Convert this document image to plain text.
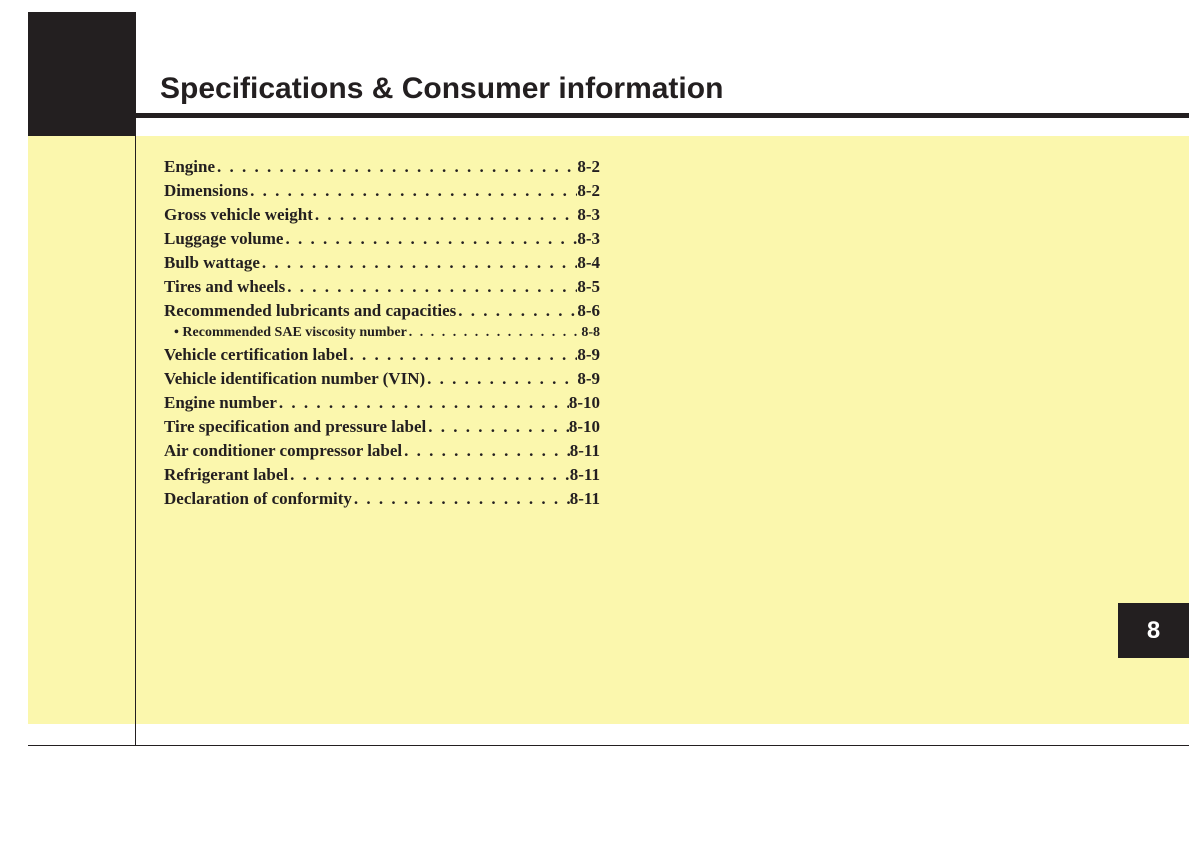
Specifications & Consumer information
Engine . . .	8-2
Dimensions . . .	8-2
Gross vehicle weight . . .	8-3
Luggage volume . . .	8-3
Bulb wattage . . .	8-4
Tires and wheels . . .	8-5
Recommended lubricants and capacities . . .	8-6
• Recommended SAE viscosity number . . .	8-8
Vehicle certification label . . .	8-9
Vehicle identification number (VIN) . . .	8-9
Engine number . . .	8-10
Tire specification and pressure label . . .	8-10
Air conditioner compressor label . . .	8-11
Refrigerant label . . .	8-11
Declaration of conformity . . .	8-11
8
